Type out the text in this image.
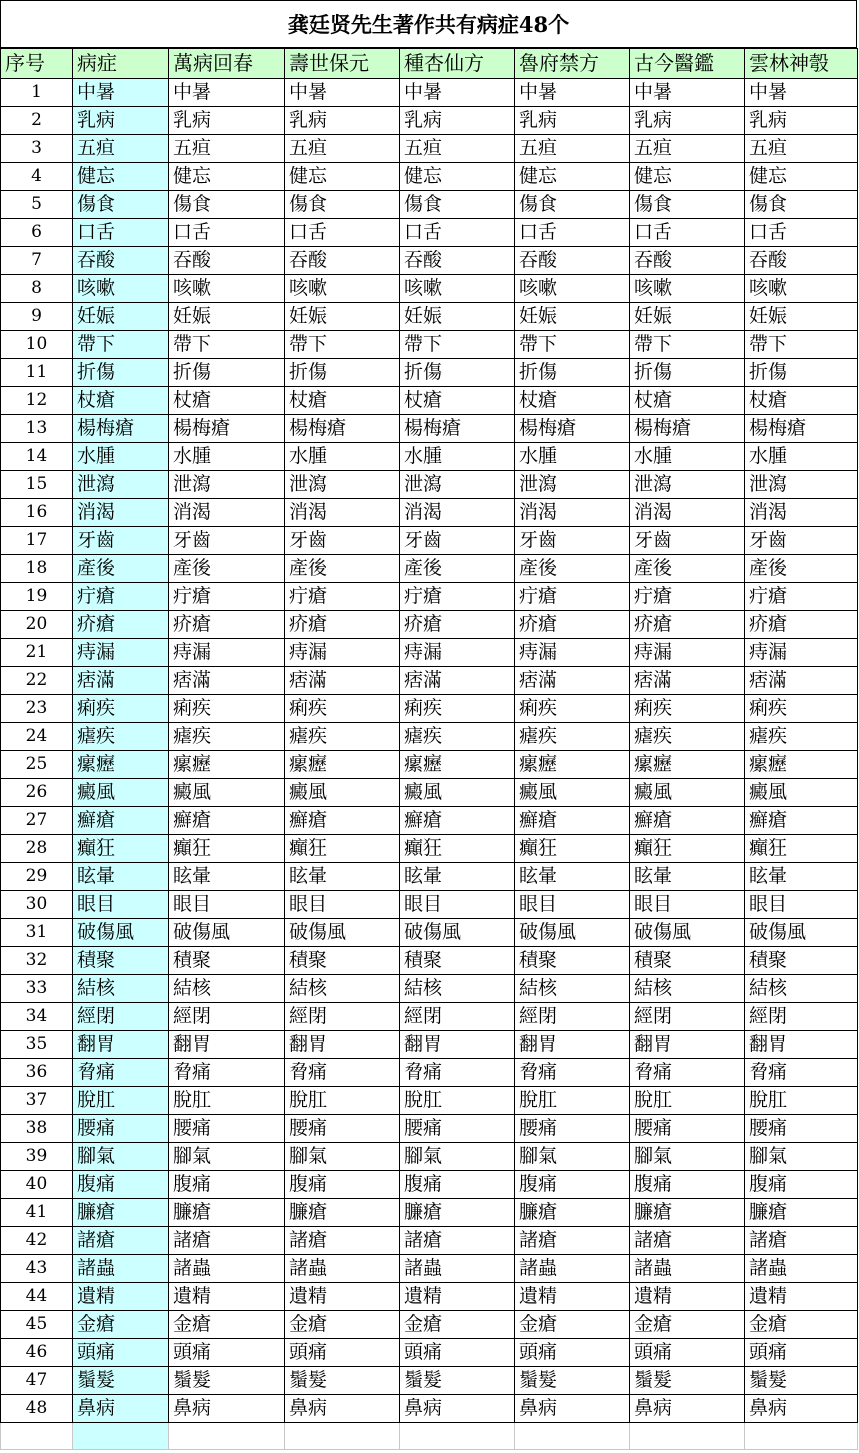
龚廷贤先生著作共有病症48个
序号	病症	萬病回春	壽世保元	種杏仙方	魯府禁方	古今醫鑑	雲林神彀
1	中暑	中暑	中暑	中暑	中暑	中暑	中暑
2	乳病	乳病	乳病	乳病	乳病	乳病	乳病
3	五疸	五疸	五疸	五疸	五疸	五疸	五疸
4	健忘	健忘	健忘	健忘	健忘	健忘	健忘
5	傷食	傷食	傷食	傷食	傷食	傷食	傷食
6	口舌	口舌	口舌	口舌	口舌	口舌	口舌
7	吞酸	吞酸	吞酸	吞酸	吞酸	吞酸	吞酸
8	咳嗽	咳嗽	咳嗽	咳嗽	咳嗽	咳嗽	咳嗽
9	妊娠	妊娠	妊娠	妊娠	妊娠	妊娠	妊娠
10	帶下	帶下	帶下	帶下	帶下	帶下	帶下
11	折傷	折傷	折傷	折傷	折傷	折傷	折傷
12	杖瘡	杖瘡	杖瘡	杖瘡	杖瘡	杖瘡	杖瘡
13	楊梅瘡	楊梅瘡	楊梅瘡	楊梅瘡	楊梅瘡	楊梅瘡	楊梅瘡
14	水腫	水腫	水腫	水腫	水腫	水腫	水腫
15	泄瀉	泄瀉	泄瀉	泄瀉	泄瀉	泄瀉	泄瀉
16	消渴	消渴	消渴	消渴	消渴	消渴	消渴
17	牙齒	牙齒	牙齒	牙齒	牙齒	牙齒	牙齒
18	產後	產後	產後	產後	產後	產後	產後
19	疔瘡	疔瘡	疔瘡	疔瘡	疔瘡	疔瘡	疔瘡
20	疥瘡	疥瘡	疥瘡	疥瘡	疥瘡	疥瘡	疥瘡
21	痔漏	痔漏	痔漏	痔漏	痔漏	痔漏	痔漏
22	痞滿	痞滿	痞滿	痞滿	痞滿	痞滿	痞滿
23	痢疾	痢疾	痢疾	痢疾	痢疾	痢疾	痢疾
24	瘧疾	瘧疾	瘧疾	瘧疾	瘧疾	瘧疾	瘧疾
25	瘰癧	瘰癧	瘰癧	瘰癧	瘰癧	瘰癧	瘰癧
26	癜風	癜風	癜風	癜風	癜風	癜風	癜風
27	癬瘡	癬瘡	癬瘡	癬瘡	癬瘡	癬瘡	癬瘡
28	癲狂	癲狂	癲狂	癲狂	癲狂	癲狂	癲狂
29	眩暈	眩暈	眩暈	眩暈	眩暈	眩暈	眩暈
30	眼目	眼目	眼目	眼目	眼目	眼目	眼目
31	破傷風	破傷風	破傷風	破傷風	破傷風	破傷風	破傷風
32	積聚	積聚	積聚	積聚	積聚	積聚	積聚
33	結核	結核	結核	結核	結核	結核	結核
34	經閉	經閉	經閉	經閉	經閉	經閉	經閉
35	翻胃	翻胃	翻胃	翻胃	翻胃	翻胃	翻胃
36	脅痛	脅痛	脅痛	脅痛	脅痛	脅痛	脅痛
37	脫肛	脫肛	脫肛	脫肛	脫肛	脫肛	脫肛
38	腰痛	腰痛	腰痛	腰痛	腰痛	腰痛	腰痛
39	腳氣	腳氣	腳氣	腳氣	腳氣	腳氣	腳氣
40	腹痛	腹痛	腹痛	腹痛	腹痛	腹痛	腹痛
41	臁瘡	臁瘡	臁瘡	臁瘡	臁瘡	臁瘡	臁瘡
42	諸瘡	諸瘡	諸瘡	諸瘡	諸瘡	諸瘡	諸瘡
43	諸蟲	諸蟲	諸蟲	諸蟲	諸蟲	諸蟲	諸蟲
44	遺精	遺精	遺精	遺精	遺精	遺精	遺精
45	金瘡	金瘡	金瘡	金瘡	金瘡	金瘡	金瘡
46	頭痛	頭痛	頭痛	頭痛	頭痛	頭痛	頭痛
47	鬚髮	鬚髮	鬚髮	鬚髮	鬚髮	鬚髮	鬚髮
48	鼻病	鼻病	鼻病	鼻病	鼻病	鼻病	鼻病
